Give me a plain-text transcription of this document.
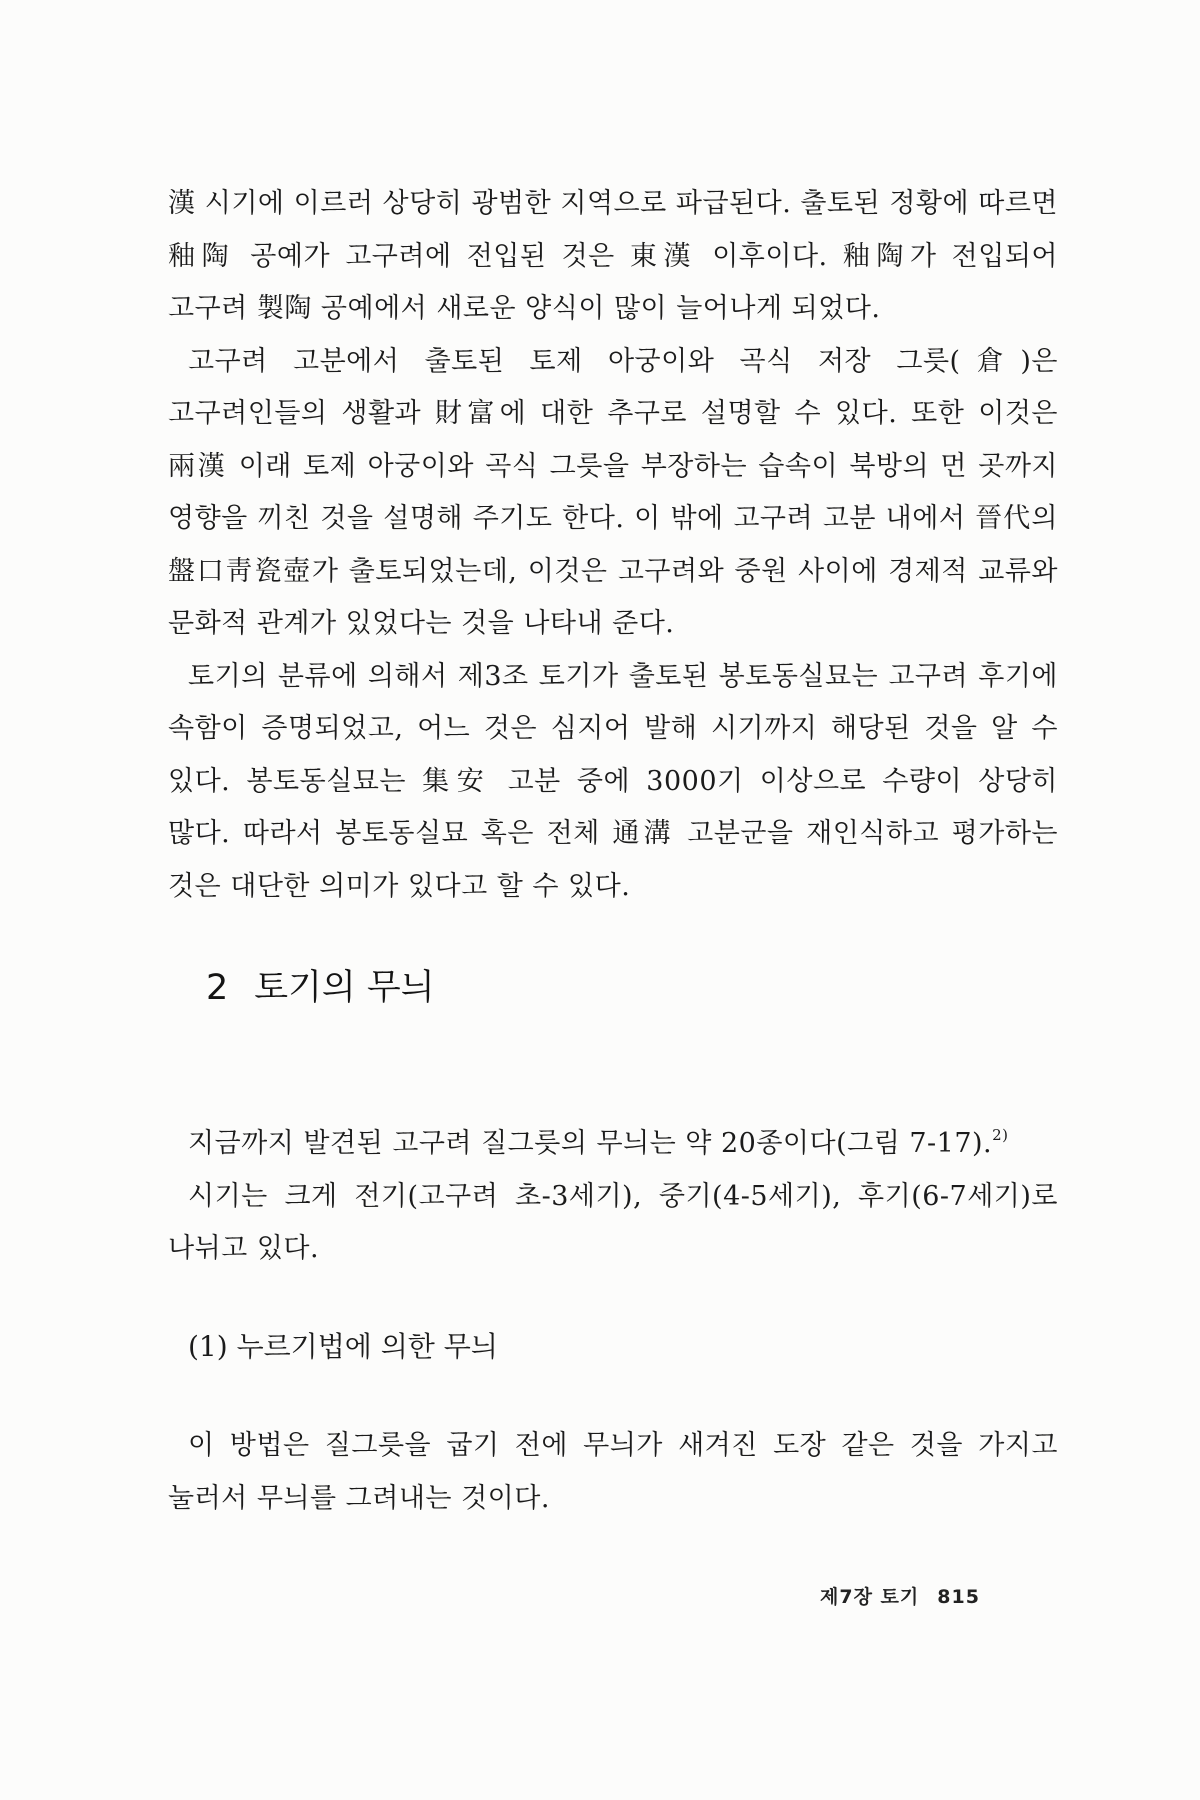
漢 시기에 이르러 상당히 광범한 지역으로 파급된다. 출토된 정황에 따르면 釉陶 공예가 고구려에 전입된 것은 東漢 이후이다. 釉陶가 전입되어 고구려 製陶 공예에서 새로운 양식이 많이 늘어나게 되었다.

고구려 고분에서 출토된 토제 아궁이와 곡식 저장 그릇(倉)은 고구려인들의 생활과 財富에 대한 추구로 설명할 수 있다. 또한 이것은 兩漢 이래 토제 아궁이와 곡식 그릇을 부장하는 습속이 북방의 먼 곳까지 영향을 끼친 것을 설명해 주기도 한다. 이 밖에 고구려 고분 내에서 晉代의 盤口靑瓷壺가 출토되었는데, 이것은 고구려와 중원 사이에 경제적 교류와 문화적 관계가 있었다는 것을 나타내 준다.

토기의 분류에 의해서 제3조 토기가 출토된 봉토동실묘는 고구려 후기에 속함이 증명되었고, 어느 것은 심지어 발해 시기까지 해당된 것을 알 수 있다. 봉토동실묘는 集安 고분 중에 3000기 이상으로 수량이 상당히 많다. 따라서 봉토동실묘 혹은 전체 通溝 고분군을 재인식하고 평가하는 것은 대단한 의미가 있다고 할 수 있다.

2 토기의 무늬

지금까지 발견된 고구려 질그릇의 무늬는 약 20종이다(그림 7-17).$^{2)}$

시기는 크게 전기(고구려 초-3세기), 중기(4-5세기), 후기(6-7세기)로 나뉘고 있다.

(1) 누르기법에 의한 무늬

이 방법은 질그릇을 굽기 전에 무늬가 새겨진 도장 같은 것을 가지고 눌러서 무늬를 그려내는 것이다.

제7장 토기 815
